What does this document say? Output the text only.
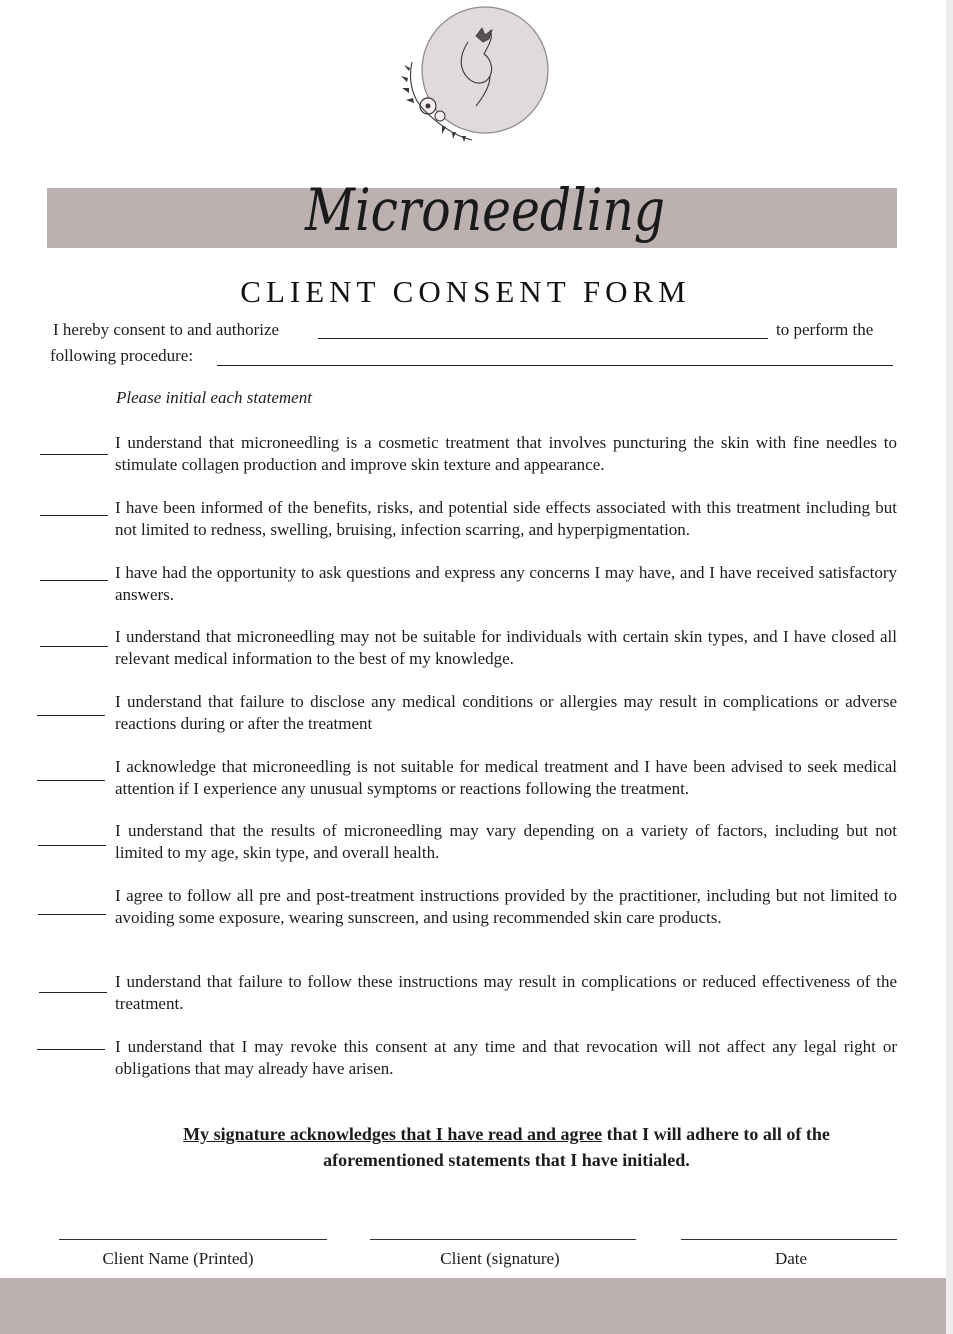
Microneedling
CLIENT CONSENT FORM
I hereby consent to and authorize	to perform the
following procedure:
Please initial each statement
I understand that microneedling is a cosmetic treatment that involves puncturing the skin with fine needles to stimulate collagen production and improve skin texture and appearance.
I have been informed of the benefits, risks, and potential side effects associated with this treatment including but not limited to redness, swelling, bruising, infection scarring, and hyperpigmentation.
I have had the opportunity to ask questions and express any concerns I may have, and I have received satisfactory answers.
I understand that microneedling may not be suitable for individuals with certain skin types, and I have closed all relevant medical information to the best of my knowledge.
I understand that failure to disclose any medical conditions or allergies may result in complications or adverse reactions during or after the treatment
I acknowledge that microneedling is not suitable for medical treatment and I have been advised to seek medical attention if I experience any unusual symptoms or reactions following the treatment.
I understand that the results of microneedling may vary depending on a variety of factors, including but not limited to my age, skin type, and overall health.
I agree to follow all pre and post-treatment instructions provided by the practitioner, including but not limited to avoiding some exposure, wearing sunscreen, and using recommended skin care products.
I understand that failure to follow these instructions may result in complications or reduced effectiveness of the treatment.
I understand that I may revoke this consent at any time and that revocation will not affect any legal right or obligations that may already have arisen.
My signature acknowledges that I have read and agree that I will adhere to all of the
aforementioned statements that I have initialed.
Client Name (Printed)	Client (signature)	Date
